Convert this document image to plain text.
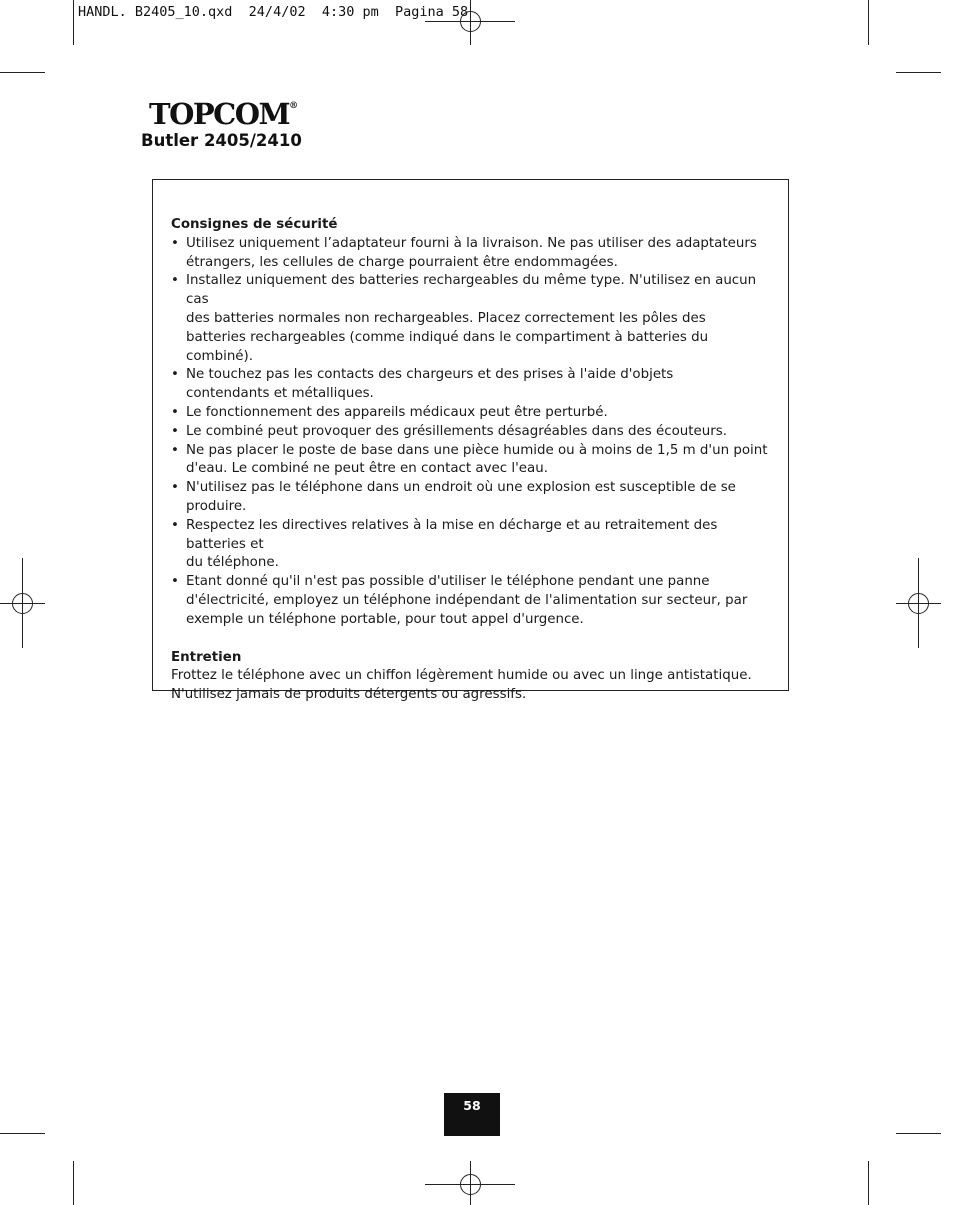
HANDL. B2405_10.qxd  24/4/02  4:30 pm  Pagina 58
TOPCOM®
Butler 2405/2410

Consignes de sécurité

• Utilisez uniquement l’adaptateur fourni à la livraison. Ne pas utiliser des adaptateurs
étrangers, les cellules de charge pourraient être endommagées.
• Installez uniquement des batteries rechargeables du même type. N'utilisez en aucun cas
des batteries normales non rechargeables. Placez correctement les pôles des
batteries rechargeables (comme indiqué dans le compartiment à batteries du combiné).
• Ne touchez pas les contacts des chargeurs et des prises à l'aide d'objets
contendants et métalliques.
• Le fonctionnement des appareils médicaux peut être perturbé.
• Le combiné peut provoquer des grésillements désagréables dans des écouteurs.
• Ne pas placer le poste de base dans une pièce humide ou à moins de 1,5 m d'un point
d'eau. Le combiné ne peut être en contact avec l'eau.
• N'utilisez pas le téléphone dans un endroit où une explosion est susceptible de se
produire.
• Respectez les directives relatives à la mise en décharge et au retraitement des batteries et
du téléphone.
• Etant donné qu'il n'est pas possible d'utiliser le téléphone pendant une panne
d'électricité, employez un téléphone indépendant de l'alimentation sur secteur, par
exemple un téléphone portable, pour tout appel d'urgence.

Entretien

Frottez le téléphone avec un chiffon légèrement humide ou avec un linge antistatique.

N'utilisez jamais de produits détergents ou agressifs.

58
